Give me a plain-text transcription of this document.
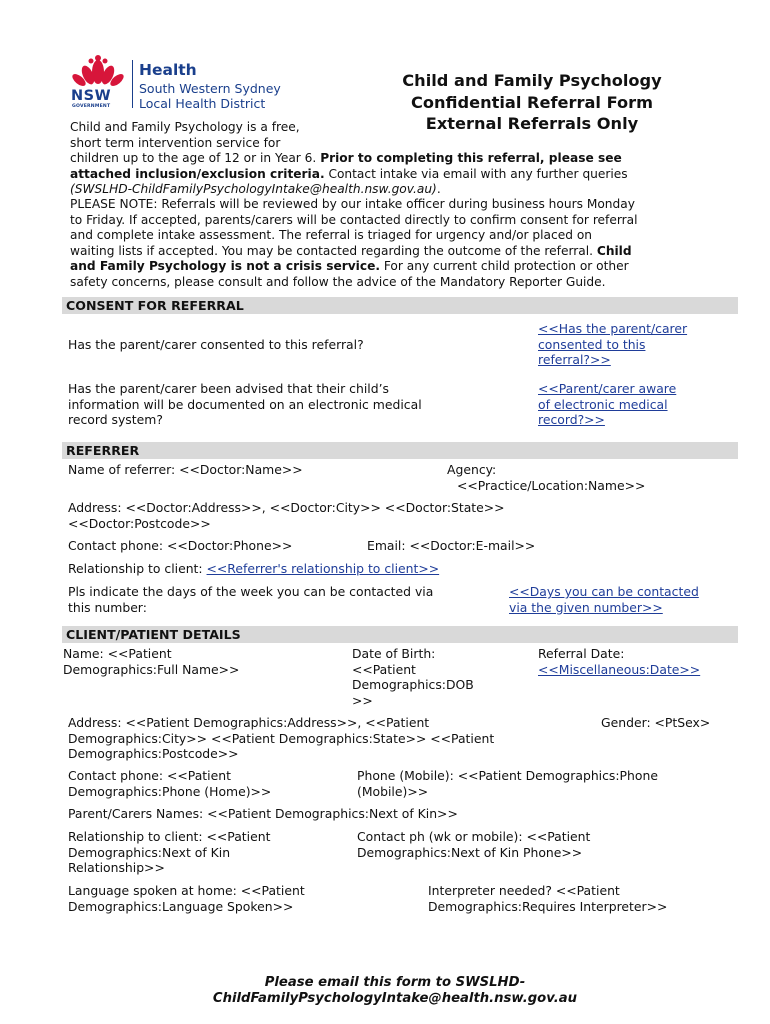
NSW
GOVERNMENT
Health
South Western Sydney
Local Health District
Child and Family Psychology
Confidential Referral Form
External Referrals Only
Child and Family Psychology is a free,
short term intervention service for
children up to the age of 12 or in Year 6. Prior to completing this referral, please see
attached inclusion/exclusion criteria. Contact intake via email with any further queries
(SWSLHD-ChildFamilyPsychologyIntake@health.nsw.gov.au).
PLEASE NOTE: Referrals will be reviewed by our intake officer during business hours Monday
to Friday. If accepted, parents/carers will be contacted directly to confirm consent for referral
and complete intake assessment. The referral is triaged for urgency and/or placed on
waiting lists if accepted. You may be contacted regarding the outcome of the referral. Child
and Family Psychology is not a crisis service. For any current child protection or other
safety concerns, please consult and follow the advice of the Mandatory Reporter Guide.
CONSENT FOR REFERRAL
Has the parent/carer consented to this referral?
<<Has the parent/carer
consented to this
referral?>>
Has the parent/carer been advised that their child’s
information will be documented on an electronic medical
record system?
<<Parent/carer aware
of electronic medical
record?>>
REFERRER
Name of referrer: <<Doctor:Name>>	Agency:
<<Practice/Location:Name>>
Address: <<Doctor:Address>>, <<Doctor:City>> <<Doctor:State>>
<<Doctor:Postcode>>
Contact phone: <<Doctor:Phone>>	Email: <<Doctor:E-mail>>
Relationship to client: <<Referrer's relationship to client>>
Pls indicate the days of the week you can be contacted via
this number:
<<Days you can be contacted
via the given number>>
CLIENT/PATIENT DETAILS
Name: <<Patient
Demographics:Full Name>>
Date of Birth:
<<Patient
Demographics:DOB
>>
Referral Date:
<<Miscellaneous:Date>>
Address: <<Patient Demographics:Address>>, <<Patient
Demographics:City>> <<Patient Demographics:State>> <<Patient
Demographics:Postcode>>
Gender: <PtSex>
Contact phone: <<Patient
Demographics:Phone (Home)>>
Phone (Mobile): <<Patient Demographics:Phone
(Mobile)>>
Parent/Carers Names: <<Patient Demographics:Next of Kin>>
Relationship to client: <<Patient
Demographics:Next of Kin
Relationship>>
Contact ph (wk or mobile): <<Patient
Demographics:Next of Kin Phone>>
Language spoken at home: <<Patient
Demographics:Language Spoken>>
Interpreter needed? <<Patient
Demographics:Requires Interpreter>>
Please email this form to SWSLHD-
ChildFamilyPsychologyIntake@health.nsw.gov.au
